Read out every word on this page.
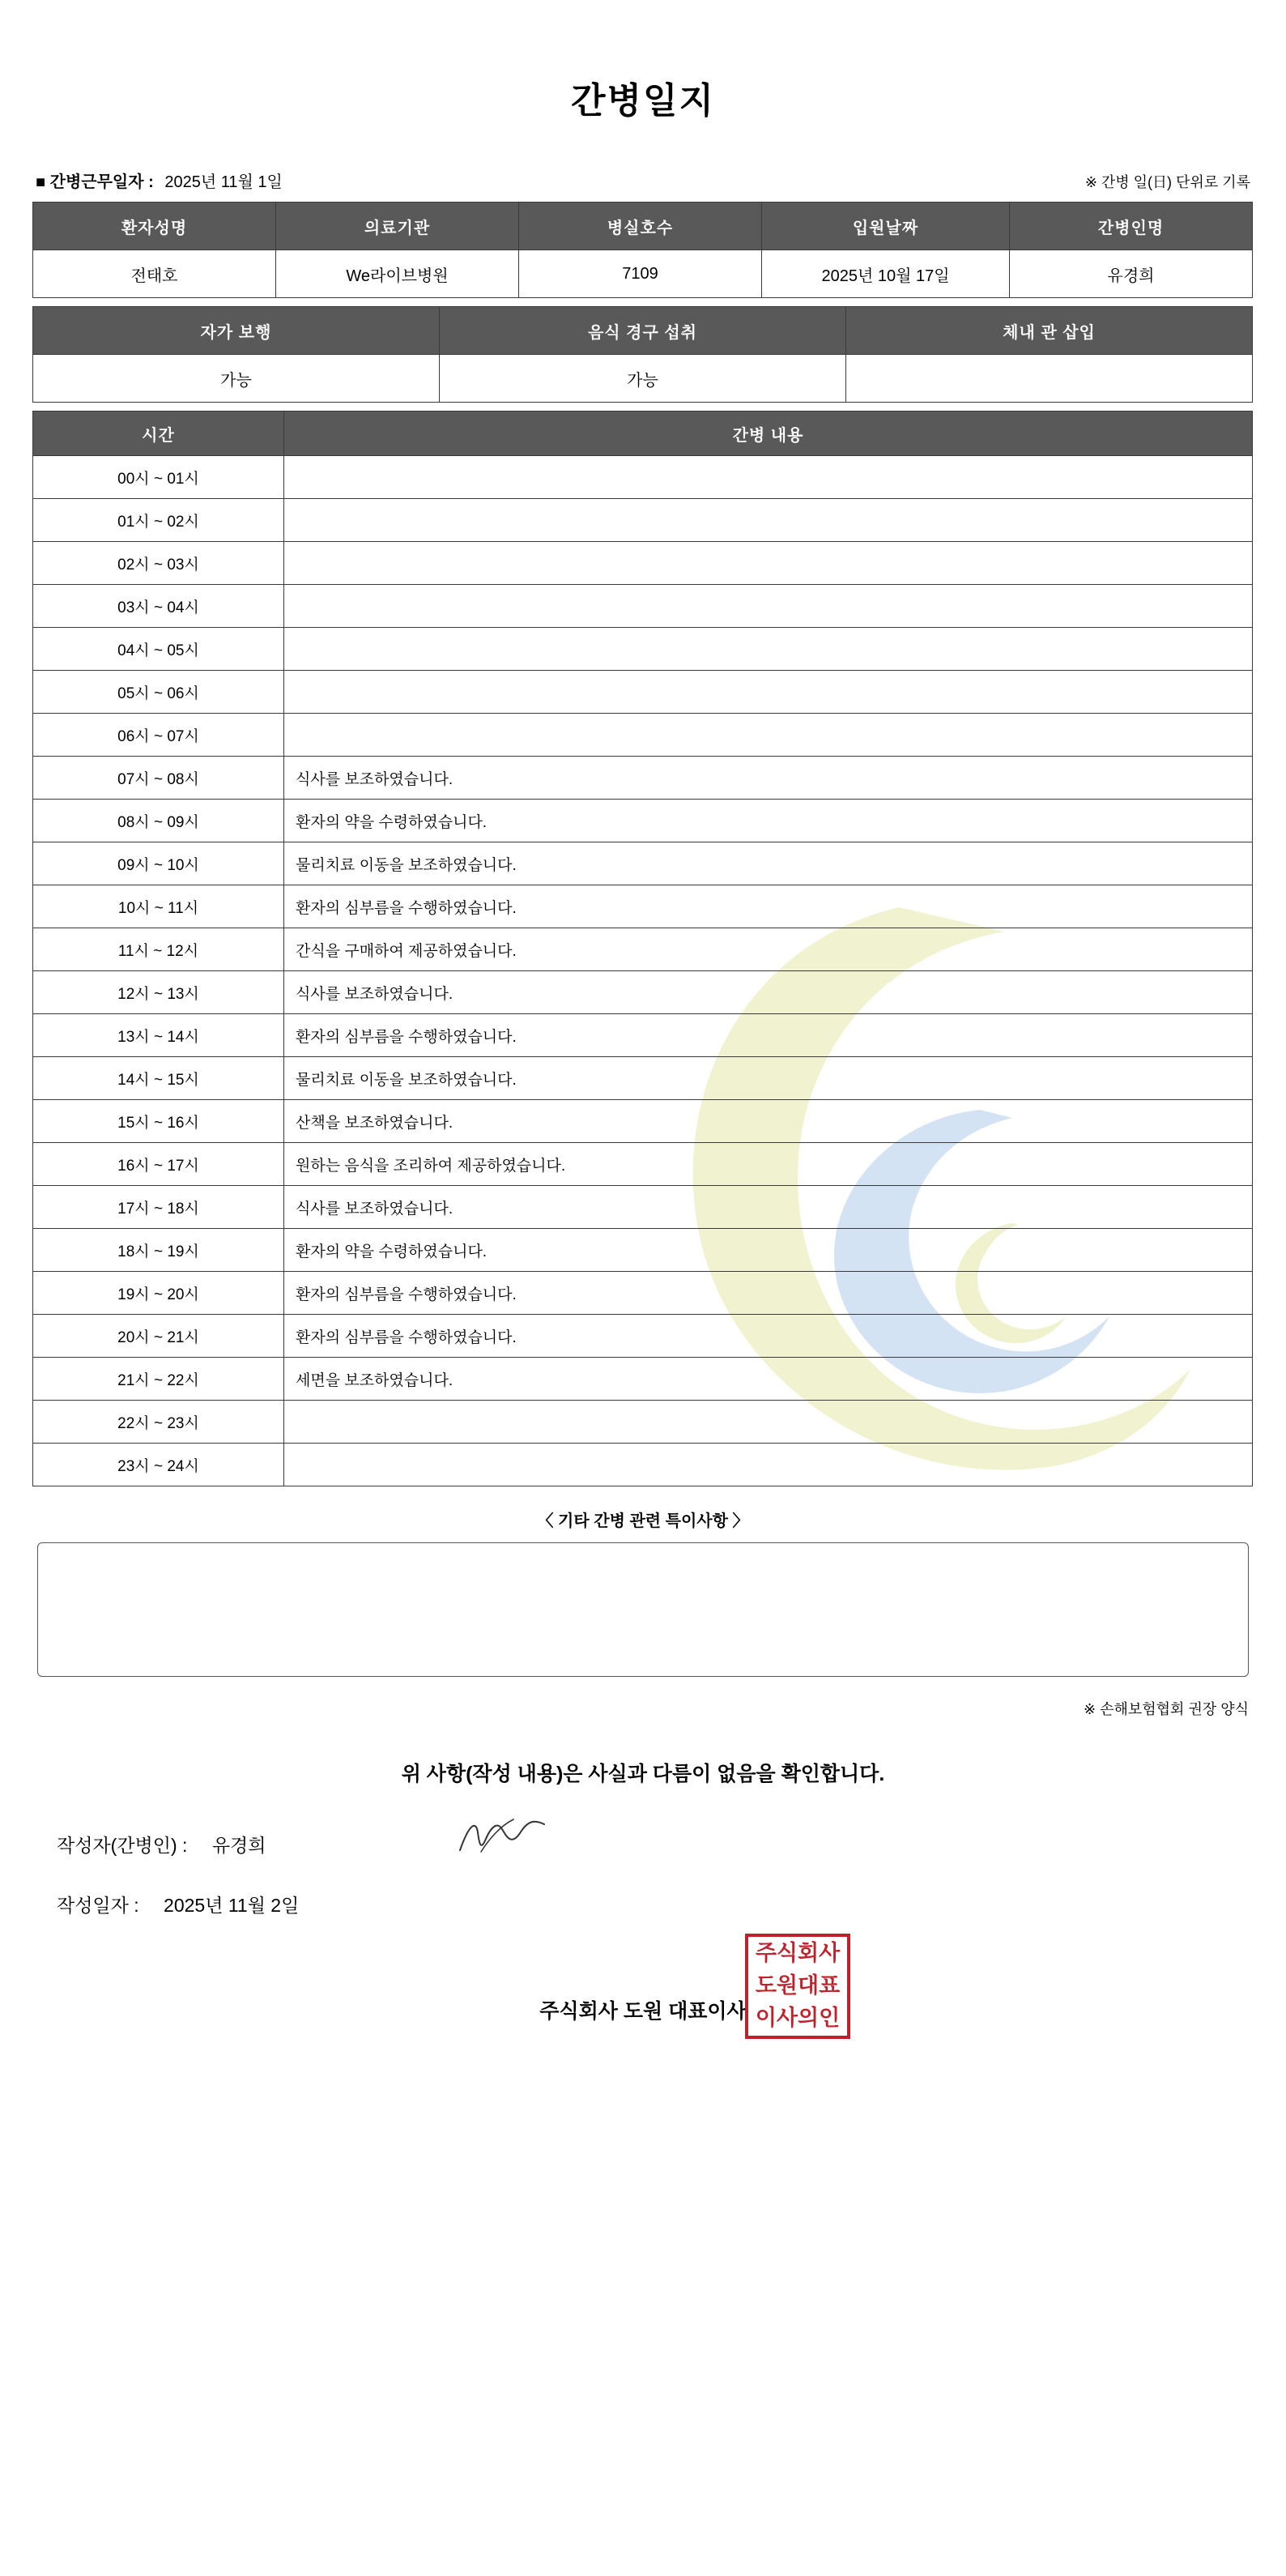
간병일지
■ 간병근무일자 : 2025년 11월 1일	※ 간병 일(日) 단위로 기록
환자성명	의료기관	병실호수	입원날짜	간병인명
전태호	We라이브병원	7109	2025년 10월 17일	유경희
자가 보행	음식 경구 섭취	체내 관 삽입
가능	가능	
시간	간병 내용
00시 ~ 01시	
01시 ~ 02시	
02시 ~ 03시	
03시 ~ 04시	
04시 ~ 05시	
05시 ~ 06시	
06시 ~ 07시	
07시 ~ 08시	식사를 보조하였습니다.
08시 ~ 09시	환자의 약을 수령하였습니다.
09시 ~ 10시	물리치료 이동을 보조하였습니다.
10시 ~ 11시	환자의 심부름을 수행하였습니다.
11시 ~ 12시	간식을 구매하여 제공하였습니다.
12시 ~ 13시	식사를 보조하였습니다.
13시 ~ 14시	환자의 심부름을 수행하였습니다.
14시 ~ 15시	물리치료 이동을 보조하였습니다.
15시 ~ 16시	산책을 보조하였습니다.
16시 ~ 17시	원하는 음식을 조리하여 제공하였습니다.
17시 ~ 18시	식사를 보조하였습니다.
18시 ~ 19시	환자의 약을 수령하였습니다.
19시 ~ 20시	환자의 심부름을 수행하였습니다.
20시 ~ 21시	환자의 심부름을 수행하였습니다.
21시 ~ 22시	세면을 보조하였습니다.
22시 ~ 23시	
23시 ~ 24시	
〈 기타 간병 관련 특이사항 〉
※ 손해보험협회 권장 양식
위 사항(작성 내용)은 사실과 다름이 없음을 확인합니다.
작성자(간병인) : 유경희
작성일자 : 2025년 11월 2일
주식회사 도원 대표이사
주식회사
도원대표
이사의인
